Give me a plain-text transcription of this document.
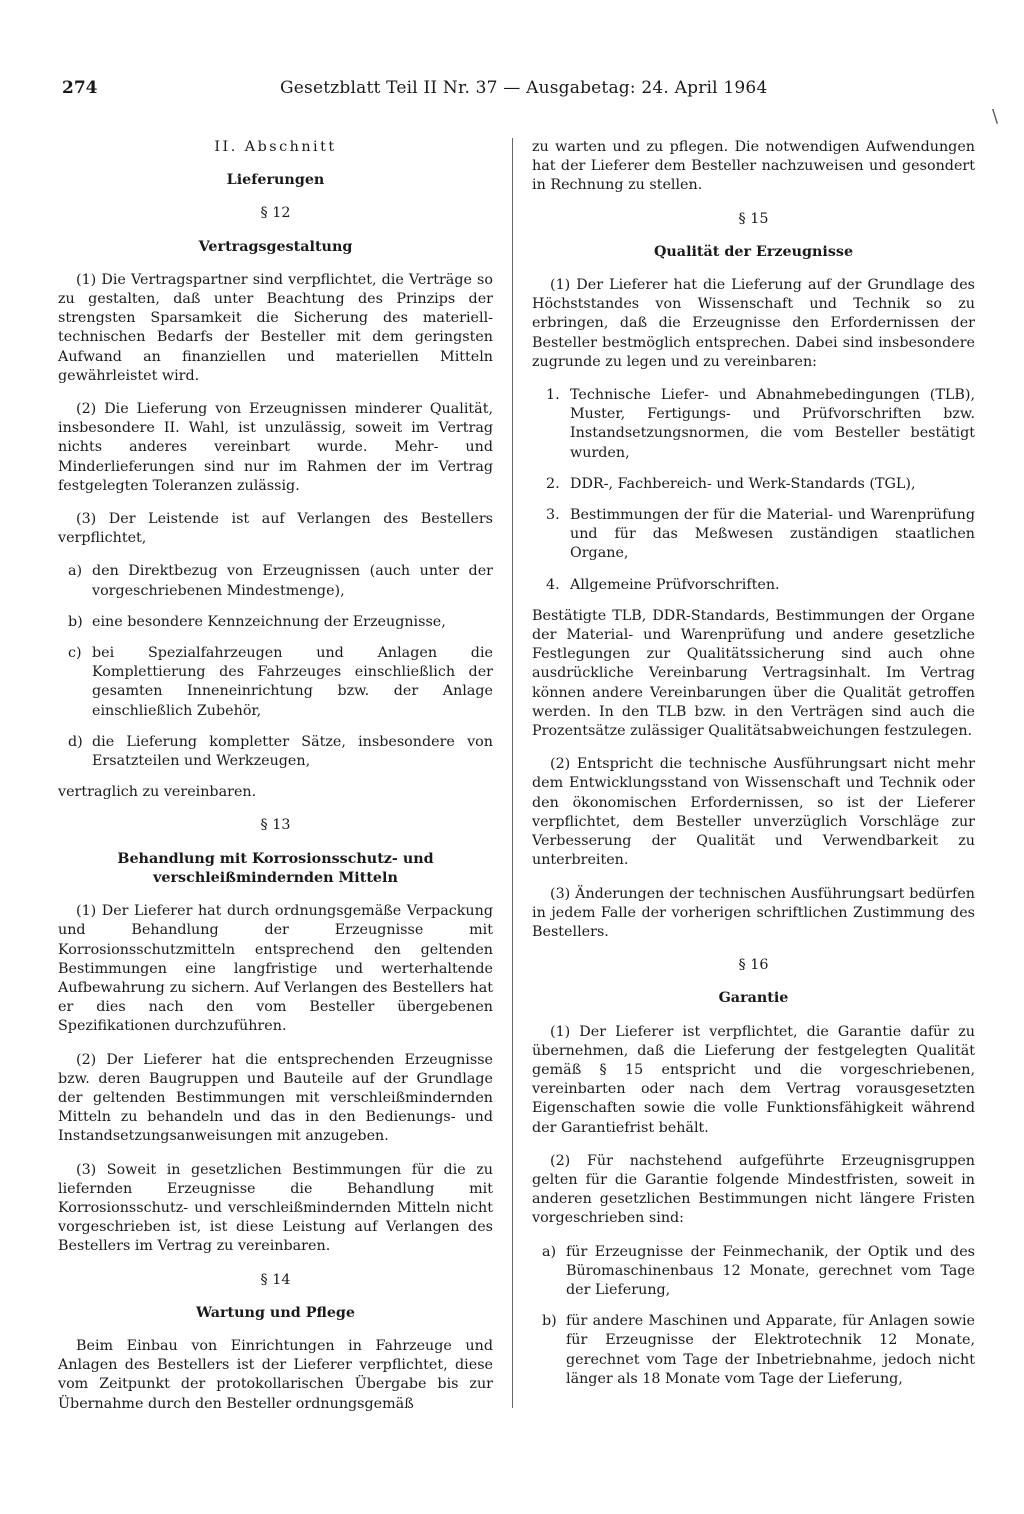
274	Gesetzblatt Teil II Nr. 37 — Ausgabetag: 24. April 1964
\
II. Abschnitt
Lieferungen
§ 12
Vertragsgestaltung

(1) Die Vertragspartner sind verpflichtet, die Verträge so zu gestalten, daß unter Beachtung des Prinzips der strengsten Sparsamkeit die Sicherung des materiell-technischen Bedarfs der Besteller mit dem geringsten Aufwand an finanziellen und materiellen Mitteln gewährleistet wird.

(2) Die Lieferung von Erzeugnissen minderer Qualität, insbesondere II. Wahl, ist unzulässig, soweit im Vertrag nichts anderes vereinbart wurde. Mehr- und Minderlieferungen sind nur im Rahmen der im Vertrag festgelegten Toleranzen zulässig.

(3) Der Leistende ist auf Verlangen des Bestellers verpflichtet,

a) den Direktbezug von Erzeugnissen (auch unter der vorgeschriebenen Mindestmenge),
b) eine besondere Kennzeichnung der Erzeugnisse,
c) bei Spezialfahrzeugen und Anlagen die Komplettierung des Fahrzeuges einschließlich der gesamten Inneneinrichtung bzw. der Anlage einschließlich Zubehör,
d) die Lieferung kompletter Sätze, insbesondere von Ersatzteilen und Werkzeugen,

vertraglich zu vereinbaren.

§ 13
Behandlung mit Korrosionsschutz- und verschleißmindernden Mitteln

(1) Der Lieferer hat durch ordnungsgemäße Verpackung und Behandlung der Erzeugnisse mit Korrosionsschutzmitteln entsprechend den geltenden Bestimmungen eine langfristige und werterhaltende Aufbewahrung zu sichern. Auf Verlangen des Bestellers hat er dies nach den vom Besteller übergebenen Spezifikationen durchzuführen.

(2) Der Lieferer hat die entsprechenden Erzeugnisse bzw. deren Baugruppen und Bauteile auf der Grundlage der geltenden Bestimmungen mit verschleißmindernden Mitteln zu behandeln und das in den Bedienungs- und Instandsetzungsanweisungen mit anzugeben.

(3) Soweit in gesetzlichen Bestimmungen für die zu liefernden Erzeugnisse die Behandlung mit Korrosionsschutz- und verschleißmindernden Mitteln nicht vorgeschrieben ist, ist diese Leistung auf Verlangen des Bestellers im Vertrag zu vereinbaren.

§ 14
Wartung und Pflege

Beim Einbau von Einrichtungen in Fahrzeuge und Anlagen des Bestellers ist der Lieferer verpflichtet, diese vom Zeitpunkt der protokollarischen Übergabe bis zur Übernahme durch den Besteller ordnungsgemäß

zu warten und zu pflegen. Die notwendigen Aufwendungen hat der Lieferer dem Besteller nachzuweisen und gesondert in Rechnung zu stellen.

§ 15
Qualität der Erzeugnisse

(1) Der Lieferer hat die Lieferung auf der Grundlage des Höchststandes von Wissenschaft und Technik so zu erbringen, daß die Erzeugnisse den Erfordernissen der Besteller bestmöglich entsprechen. Dabei sind insbesondere zugrunde zu legen und zu vereinbaren:

1. Technische Liefer- und Abnahmebedingungen (TLB), Muster, Fertigungs- und Prüfvorschriften bzw. Instandsetzungsnormen, die vom Besteller bestätigt wurden,
2. DDR-, Fachbereich- und Werk-Standards (TGL),
3. Bestimmungen der für die Material- und Warenprüfung und für das Meßwesen zuständigen staatlichen Organe,
4. Allgemeine Prüfvorschriften.

Bestätigte TLB, DDR-Standards, Bestimmungen der Organe der Material- und Warenprüfung und andere gesetzliche Festlegungen zur Qualitätssicherung sind auch ohne ausdrückliche Vereinbarung Vertragsinhalt. Im Vertrag können andere Vereinbarungen über die Qualität getroffen werden. In den TLB bzw. in den Verträgen sind auch die Prozentsätze zulässiger Qualitätsabweichungen festzulegen.

(2) Entspricht die technische Ausführungsart nicht mehr dem Entwicklungsstand von Wissenschaft und Technik oder den ökonomischen Erfordernissen, so ist der Lieferer verpflichtet, dem Besteller unverzüglich Vorschläge zur Verbesserung der Qualität und Verwendbarkeit zu unterbreiten.

(3) Änderungen der technischen Ausführungsart bedürfen in jedem Falle der vorherigen schriftlichen Zustimmung des Bestellers.

§ 16
Garantie

(1) Der Lieferer ist verpflichtet, die Garantie dafür zu übernehmen, daß die Lieferung der festgelegten Qualität gemäß § 15 entspricht und die vorgeschriebenen, vereinbarten oder nach dem Vertrag vorausgesetzten Eigenschaften sowie die volle Funktionsfähigkeit während der Garantiefrist behält.

(2) Für nachstehend aufgeführte Erzeugnisgruppen gelten für die Garantie folgende Mindestfristen, soweit in anderen gesetzlichen Bestimmungen nicht längere Fristen vorgeschrieben sind:

a) für Erzeugnisse der Feinmechanik, der Optik und des Büromaschinenbaus 12 Monate, gerechnet vom Tage der Lieferung,
b) für andere Maschinen und Apparate, für Anlagen sowie für Erzeugnisse der Elektrotechnik 12 Monate, gerechnet vom Tage der Inbetriebnahme, jedoch nicht länger als 18 Monate vom Tage der Lieferung,
